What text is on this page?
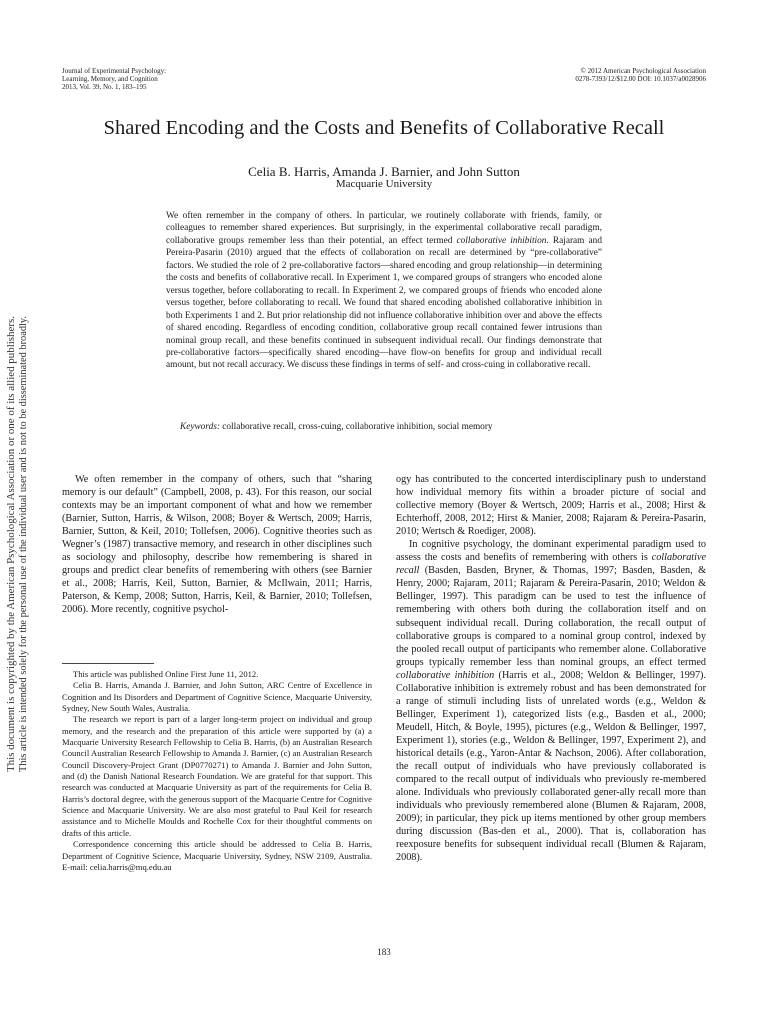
Journal of Experimental Psychology:
Learning, Memory, and Cognition
2013, Vol. 39, No. 1, 183–195
© 2012 American Psychological Association
0278-7393/12/$12.00 DOI: 10.1037/a0028906
Shared Encoding and the Costs and Benefits of Collaborative Recall
Celia B. Harris, Amanda J. Barnier, and John Sutton
Macquarie University

We often remember in the company of others. In particular, we routinely collaborate with friends, family, or colleagues to remember shared experiences. But surprisingly, in the experimental collaborative recall paradigm, collaborative groups remember less than their potential, an effect termed collaborative inhibition. Rajaram and Pereira-Pasarin (2010) argued that the effects of collaboration on recall are determined by “pre-collaborative” factors. We studied the role of 2 pre-collaborative factors—shared encoding and group relationship—in determining the costs and benefits of collaborative recall. In Experiment 1, we compared groups of strangers who encoded alone versus together, before collaborating to recall. In Experiment 2, we compared groups of friends who encoded alone versus together, before collaborating to recall. We found that shared encoding abolished collaborative inhibition in both Experiments 1 and 2. But prior relationship did not influence collaborative inhibition over and above the effects of shared encoding. Regardless of encoding condition, collaborative group recall contained fewer intrusions than nominal group recall, and these benefits continued in subsequent individual recall. Our findings demonstrate that pre-collaborative factors—specifically shared encoding—have flow-on benefits for group and individual recall amount, but not recall accuracy. We discuss these findings in terms of self- and cross-cuing in collaborative recall.

Keywords: collaborative recall, cross-cuing, collaborative inhibition, social memory
This document is copyrighted by the American Psychological Association or one of its allied publishers. This article is intended solely for the personal use of the individual user and is not to be disseminated broadly.	We often remember in the company of others, such that “sharing memory is our default” (Campbell, 2008, p. 43). For this reason, our social contexts may be an important component of what and how we remember (Barnier, Sutton, Harris, & Wilson, 2008; Boyer & Wertsch, 2009; Harris, Barnier, Sutton, & Keil, 2010; Tollefsen, 2006). Cognitive theories such as Wegner’s (1987) transactive memory, and research in other disciplines such as sociology and philosophy, describe how remembering is shared in groups and predict clear benefits of remembering with others (see Barnier et al., 2008; Harris, Keil, Sutton, Barnier, & McIlwain, 2011; Harris, Paterson, & Kemp, 2008; Sutton, Harris, Keil, & Barnier, 2010; Tollefsen, 2006). More recently, cognitive psychol-

This article was published Online First June 11, 2012.

Celia B. Harris, Amanda J. Barnier, and John Sutton, ARC Centre of Excellence in Cognition and Its Disorders and Department of Cognitive Science, Macquarie University, Sydney, New South Wales, Australia.

The research we report is part of a larger long-term project on individual and group memory, and the research and the preparation of this article were supported by (a) a Macquarie University Research Fellowship to Celia B. Harris, (b) an Australian Research Council Australian Research Fellowship to Amanda J. Barnier, (c) an Australian Research Council Discovery-Project Grant (DP0770271) to Amanda J. Barnier and John Sutton, and (d) the Danish National Research Foundation. We are grateful for that support. This research was conducted at Macquarie University as part of the requirements for Celia B. Harris’s doctoral degree, with the generous support of the Macquarie Centre for Cognitive Science and Macquarie University. We are also most grateful to Paul Keil for research assistance and to Michelle Moulds and Rochelle Cox for their thoughtful comments on drafts of this article.

Correspondence concerning this article should be addressed to Celia B. Harris, Department of Cognitive Science, Macquarie University, Sydney, NSW 2109, Australia. E-mail: celia.harris@mq.edu.au

ogy has contributed to the concerted interdisciplinary push to understand how individual memory fits within a broader picture of social and collective memory (Boyer & Wertsch, 2009; Harris et al., 2008; Hirst & Echterhoff, 2008, 2012; Hirst & Manier, 2008; Rajaram & Pereira-Pasarin, 2010; Wertsch & Roediger, 2008).

In cognitive psychology, the dominant experimental paradigm used to assess the costs and benefits of remembering with others is collaborative recall (Basden, Basden, Bryner, & Thomas, 1997; Basden, Basden, & Henry, 2000; Rajaram, 2011; Rajaram & Pereira-Pasarin, 2010; Weldon & Bellinger, 1997). This paradigm can be used to test the influence of remembering with others both during the collaboration itself and on subsequent individual recall. During collaboration, the recall output of collaborative groups is compared to a nominal group control, indexed by the pooled recall output of participants who remember alone. Collaborative groups typically remember less than nominal groups, an effect termed collaborative inhibition (Harris et al., 2008; Weldon & Bellinger, 1997). Collaborative inhibition is extremely robust and has been demonstrated for a range of stimuli including lists of unrelated words (e.g., Weldon & Bellinger, Experiment 1), categorized lists (e.g., Basden et al., 2000; Meudell, Hitch, & Boyle, 1995), pictures (e.g., Weldon & Bellinger, 1997, Experiment 1), stories (e.g., Weldon & Bellinger, 1997, Experiment 2), and historical details (e.g., Yaron-Antar & Nachson, 2006). After collaboration, the recall output of individuals who have previously collaborated is compared to the recall output of individuals who previously re-membered alone. Individuals who previously collaborated gener-ally recall more than individuals who previously remembered alone (Blumen & Rajaram, 2008, 2009); in particular, they pick up items mentioned by other group members during discussion (Bas-den et al., 2000). That is, collaboration has reexposure benefits for subsequent individual recall (Blumen & Rajaram, 2008).

183
